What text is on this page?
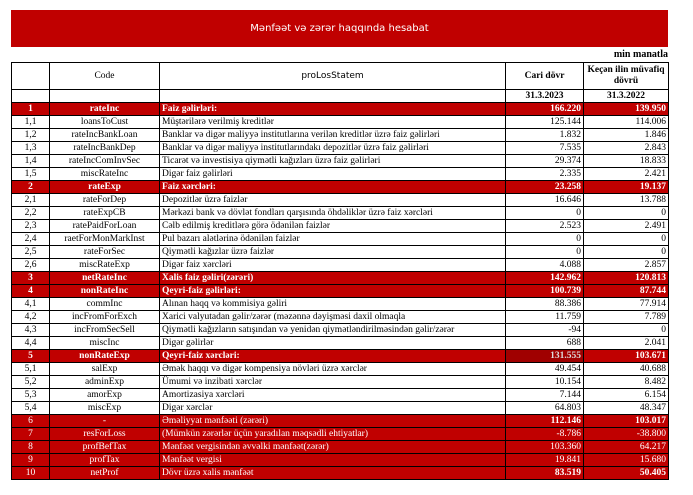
Mənfəət və zərər haqqında hesabat
min manatla
	Code	proLosStatem	Cari dövr	Keçən ilin müvafiq dövrü
			31.3.2023	31.3.2022
1	rateInc	Faiz gəlirləri:	166.220	139.950
1,1	loansToCust	Müştərilərə verilmiş kreditlər	125.144	114.006
1,2	rateIncBankLoan	Banklar və digər maliyyə institutlarına verilən kreditlər üzrə faiz gəlirləri	1.832	1.846
1,3	rateIncBankDep	Banklar və digər maliyyə institutlarındakı depozitlər üzrə faiz gəlirləri	7.535	2.843
1,4	rateIncComInvSec	Ticarət və investisiya qiymətli kağızları üzrə faiz gəlirləri	29.374	18.833
1,5	miscRateInc	Digər faiz gəlirləri	2.335	2.421
2	rateExp	Faiz xərcləri:	23.258	19.137
2,1	rateForDep	Depozitlər üzrə faizlər	16.646	13.788
2,2	rateExpCB	Mərkəzi bank və dövlət fondları qarşısında öhdəliklər üzrə faiz xərcləri	0	0
2,3	ratePaidForLoan	Cəlb edilmiş kreditlərə görə ödənilən faizlər	2.523	2.491
2,4	raetForMonMarkInst	Pul bazarı alətlərinə ödənilən faizlər	0	0
2,5	rateForSec	Qiymətli kağızlar üzrə faizlər	0	0
2,6	miscRateExp	Digər faiz xərcləri	4.088	2.857
3	netRateInc	Xalis faiz gəliri(zərəri)	142.962	120.813
4	nonRateInc	Qeyri-faiz gəlirləri:	100.739	87.744
4,1	commInc	Alınan haqq və kommisiya gəliri	88.386	77.914
4,2	incFromForExch	Xarici valyutadan gəlir/zərər (məzənnə dəyişməsi daxil olmaqla	11.759	7.789
4,3	incFromSecSell	Qiymətli kağızların satışından və yenidən qiymətləndirilməsindən gəlir/zərər	-94	0
4,4	miscInc	Digər gəlirlər	688	2.041
5	nonRateExp	Qeyri-faiz xərcləri:	131.555	103.671
5,1	salExp	Əmək haqqı və digər kompensiya növləri üzrə xərclər	49.454	40.688
5,2	adminExp	Ümumi və inzibati xərclər	10.154	8.482
5,3	amorExp	Amortizasiya xərcləri	7.144	6.154
5,4	miscExp	Digər xərclər	64.803	48.347
6	-	Əməliyyat mənfəəti (zərəri)	112.146	103.017
7	resForLoss	(Mümkün zərərlər üçün yaradılan məqsədli ehtiyatlar)	-8.786	-38.800
8	profBefTax	Mənfəət vergisindən əvvəlki mənfəət(zərər)	103.360	64.217
9	profTax	Mənfəət vergisi	19.841	15.680
10	netProf	Dövr üzrə xalis mənfəət	83.519	50.405
